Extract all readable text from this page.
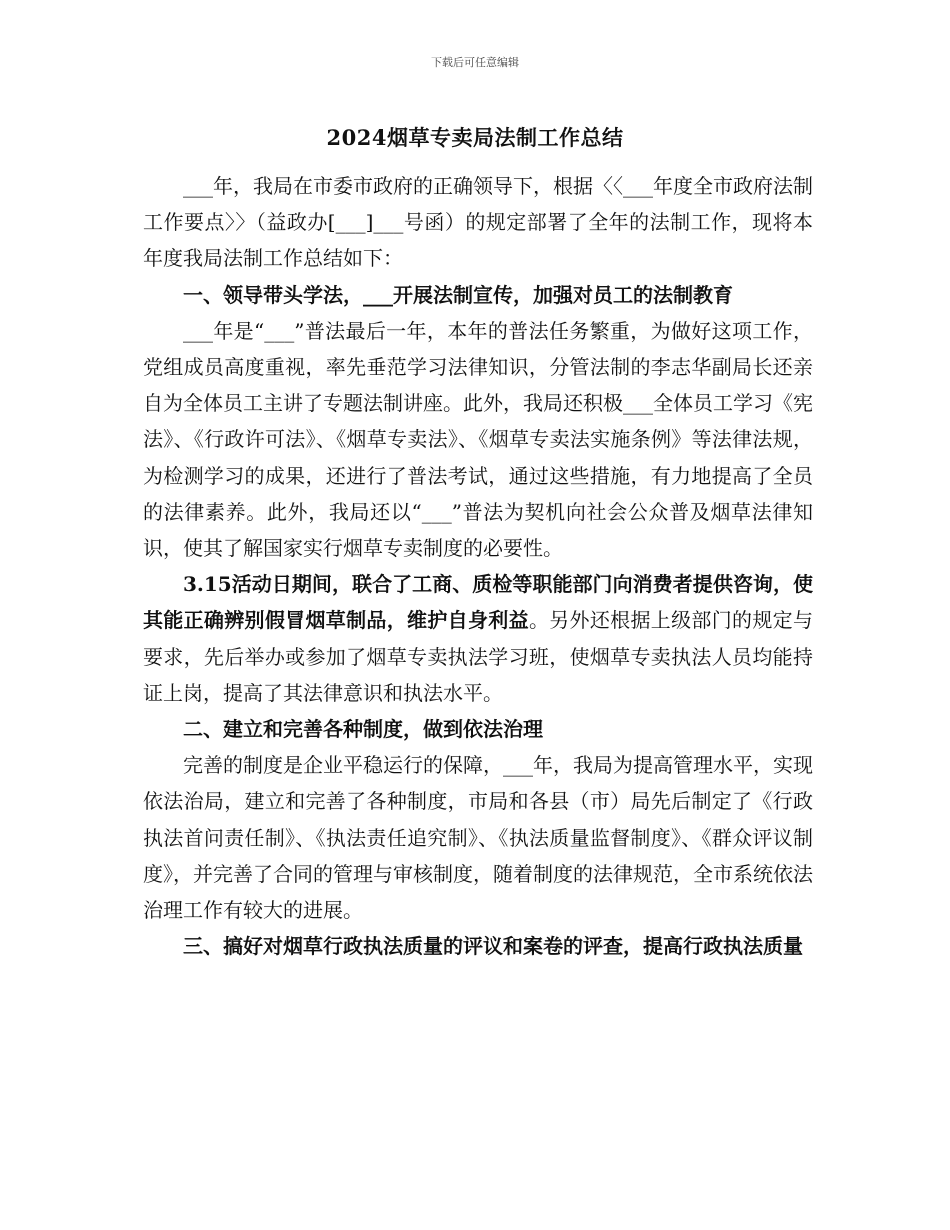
下载后可任意编辑
2024烟草专卖局法制工作总结

___年，我局在市委市政府的正确领导下，根据〈〈___年度全市政府法制工作要点〉〉（益政办[___]___号函）的规定部署了全年的法制工作，现将本年度我局法制工作总结如下：

一、领导带头学法，___开展法制宣传，加强对员工的法制教育

___年是“___”普法最后一年，本年的普法任务繁重，为做好这项工作，党组成员高度重视，率先垂范学习法律知识，分管法制的李志华副局长还亲自为全体员工主讲了专题法制讲座。此外，我局还积极___全体员工学习《宪法》、《行政许可法》、《烟草专卖法》、《烟草专卖法实施条例》等法律法规，为检测学习的成果，还进行了普法考试，通过这些措施，有力地提高了全员的法律素养。此外，我局还以“___”普法为契机向社会公众普及烟草法律知识，使其了解国家实行烟草专卖制度的必要性。

3.15活动日期间，联合了工商、质检等职能部门向消费者提供咨询，使其能正确辨别假冒烟草制品，维护自身利益。另外还根据上级部门的规定与要求，先后举办或参加了烟草专卖执法学习班，使烟草专卖执法人员均能持证上岗，提高了其法律意识和执法水平。

二、建立和完善各种制度，做到依法治理

完善的制度是企业平稳运行的保障，___年，我局为提高管理水平，实现依法治局，建立和完善了各种制度，市局和各县（市）局先后制定了《行政执法首问责任制》、《执法责任追究制》、《执法质量监督制度》、《群众评议制度》，并完善了合同的管理与审核制度，随着制度的法律规范，全市系统依法治理工作有较大的进展。

三、搞好对烟草行政执法质量的评议和案卷的评查，提高行政执法质量
